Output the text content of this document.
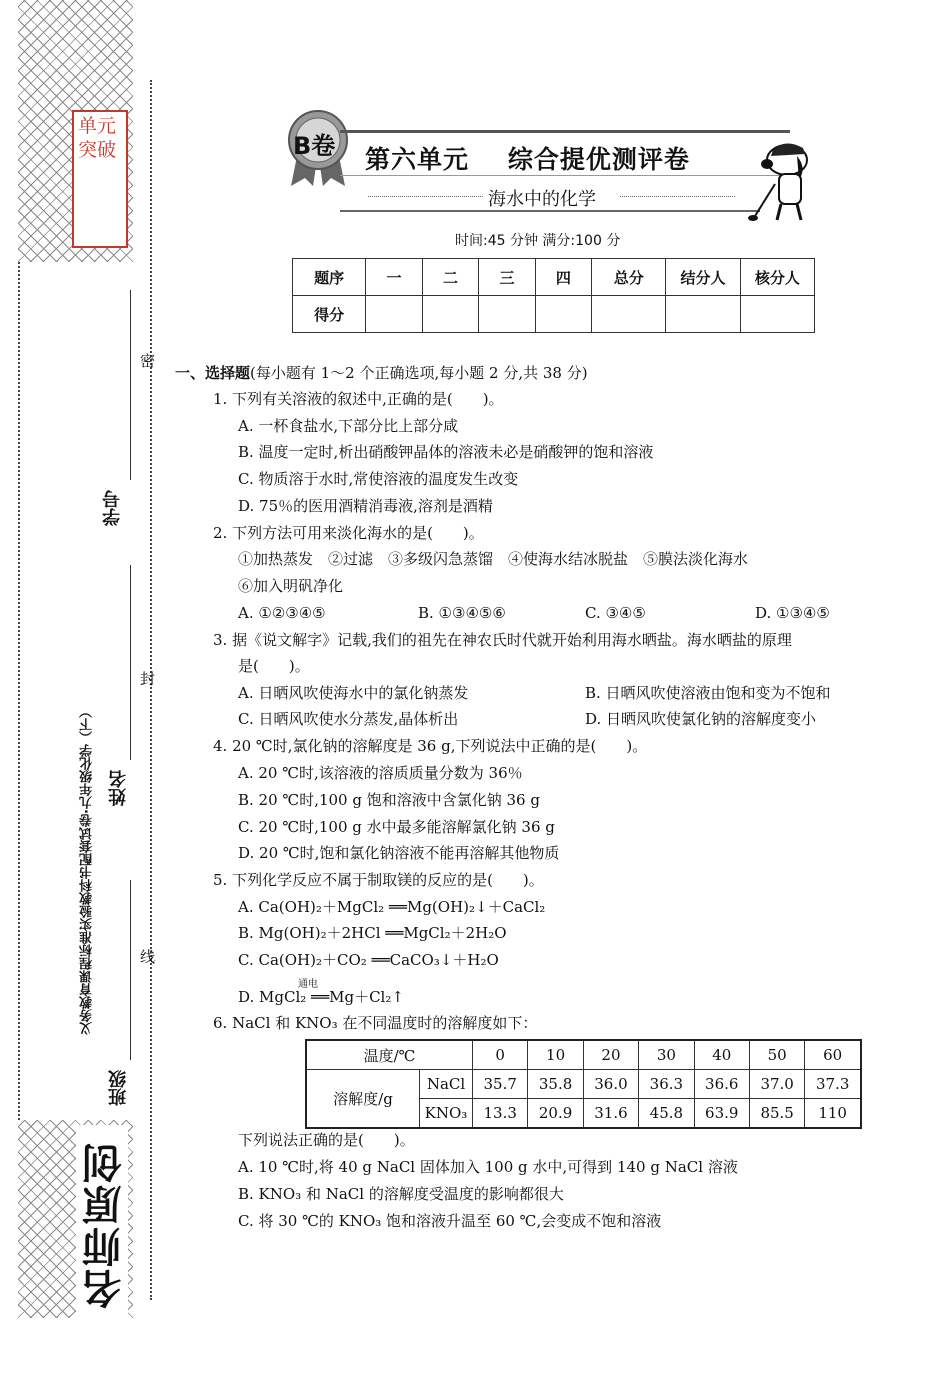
单元突破
学号
姓名
班级
义务教育课程标准实验教科书配套试卷·九年级化学（下）
密
封
线
名师原创
B卷 第六单元    综合提优测评卷
海水中的化学
时间:45 分钟 满分:100 分
题序	一	二	三	四	总分	结分人	核分人
得分							
一、选择题(每小题有 1～2 个正确选项,每小题 2 分,共 38 分)
1. 下列有关溶液的叙述中,正确的是(　　)。
A. 一杯食盐水,下部分比上部分咸
B. 温度一定时,析出硝酸钾晶体的溶液未必是硝酸钾的饱和溶液
C. 物质溶于水时,常使溶液的温度发生改变
D. 75％的医用酒精消毒液,溶剂是酒精
2. 下列方法可用来淡化海水的是(　　)。
①加热蒸发　②过滤　③多级闪急蒸馏　④使海水结冰脱盐　⑤膜法淡化海水
⑥加入明矾净化
A. ①②③④⑤	B. ①③④⑤⑥	C. ③④⑤	D. ①③④⑤
3. 据《说文解字》记载,我们的祖先在神农氏时代就开始利用海水晒盐。海水晒盐的原理
是(　　)。
A. 日晒风吹使海水中的氯化钠蒸发	B. 日晒风吹使溶液由饱和变为不饱和
C. 日晒风吹使水分蒸发,晶体析出	D. 日晒风吹使氯化钠的溶解度变小
4. 20 ℃时,氯化钠的溶解度是 36 g,下列说法中正确的是(　　)。
A. 20 ℃时,该溶液的溶质质量分数为 36％
B. 20 ℃时,100 g 饱和溶液中含氯化钠 36 g
C. 20 ℃时,100 g 水中最多能溶解氯化钠 36 g
D. 20 ℃时,饱和氯化钠溶液不能再溶解其他物质
5. 下列化学反应不属于制取镁的反应的是(　　)。
A. Ca(OH)₂＋MgCl₂ ══Mg(OH)₂↓＋CaCl₂
B. Mg(OH)₂＋2HCl ══MgCl₂＋2H₂O
C. Ca(OH)₂＋CO₂ ══CaCO₃↓＋H₂O
通电
D. MgCl₂ ══Mg＋Cl₂↑
6. NaCl 和 KNO₃ 在不同温度时的溶解度如下：
温度/℃		0	10	20	30	40	50	60
溶解度/g	NaCl	35.7	35.8	36.0	36.3	36.6	37.0	37.3
	KNO₃	13.3	20.9	31.6	45.8	63.9	85.5	110
下列说法正确的是(　　)。
A. 10 ℃时,将 40 g NaCl 固体加入 100 g 水中,可得到 140 g NaCl 溶液
B. KNO₃ 和 NaCl 的溶解度受温度的影响都很大
C. 将 30 ℃的 KNO₃ 饱和溶液升温至 60 ℃,会变成不饱和溶液
